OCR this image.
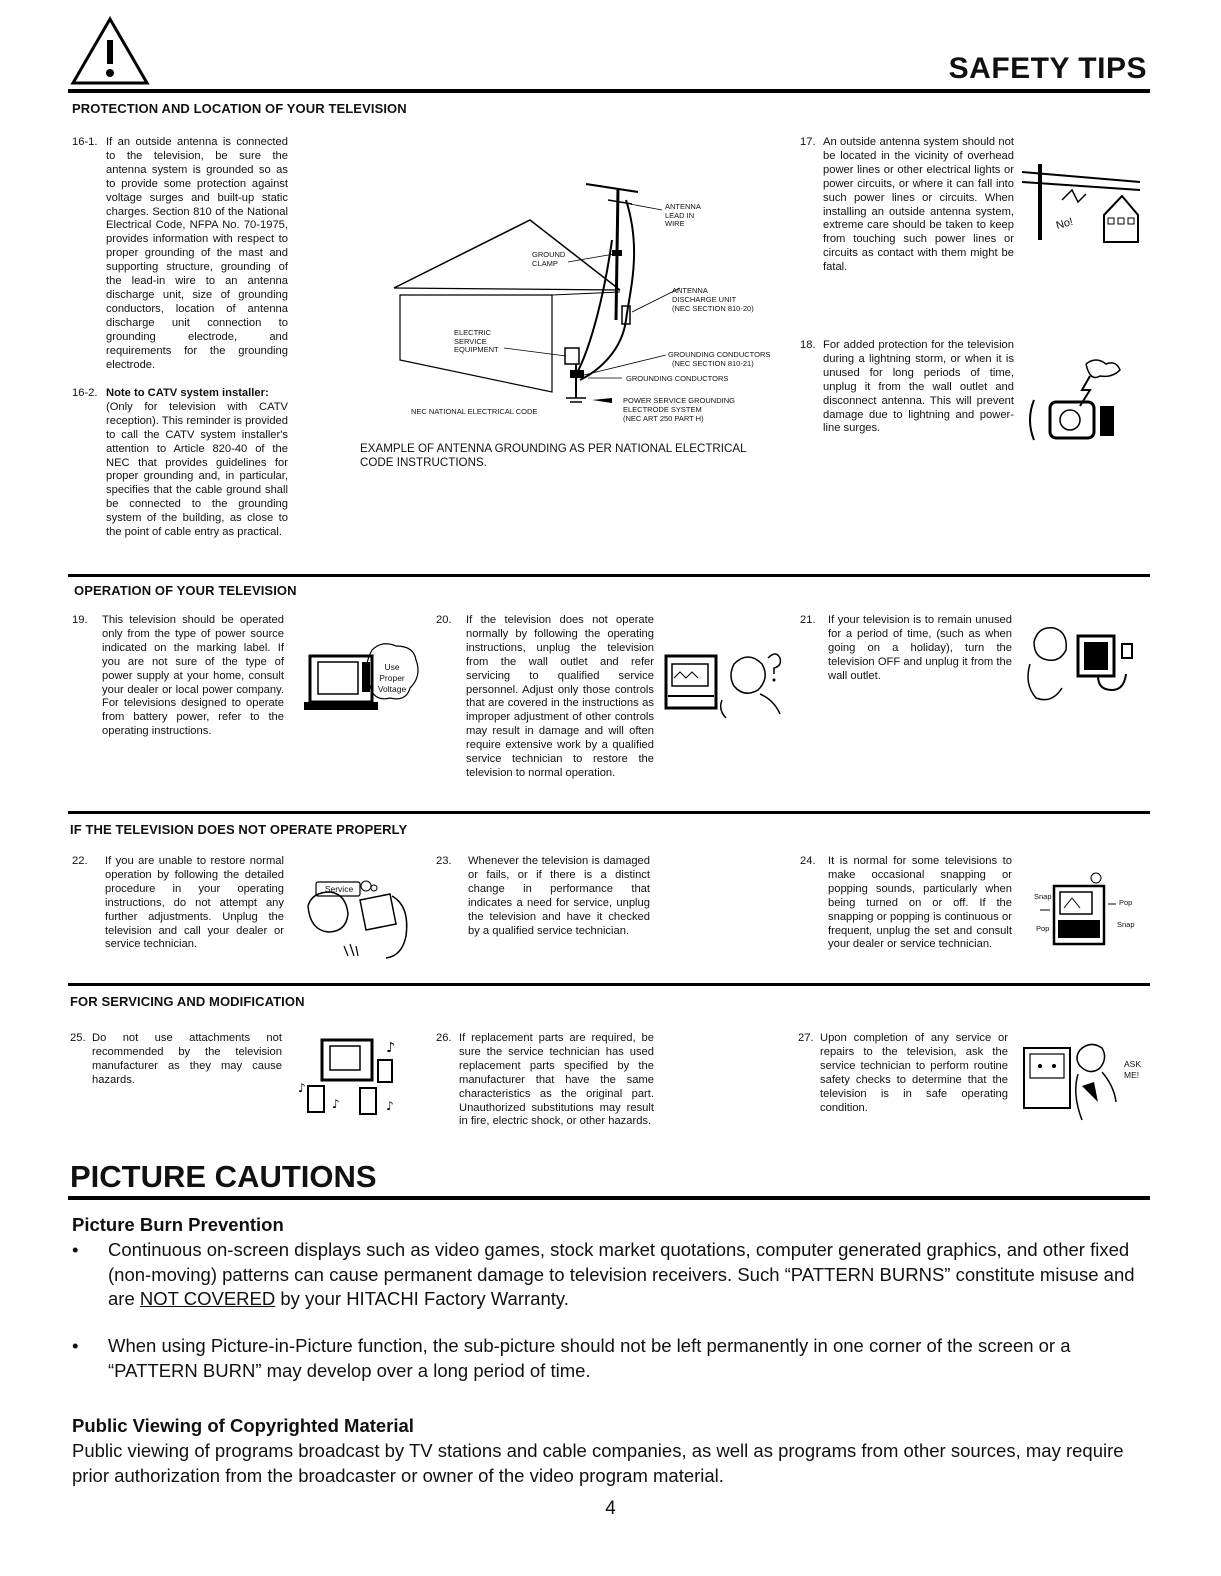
SAFETY TIPS
PROTECTION AND LOCATION OF YOUR TELEVISION
16-1. If an outside antenna is connected to the television, be sure the antenna system is grounded so as to provide some protection against voltage surges and built-up static charges. Section 810 of the National Electrical Code, NFPA No. 70-1975, provides information with respect to proper grounding of the mast and supporting structure, grounding of the lead-in wire to an antenna discharge unit, size of grounding conductors, location of antenna discharge unit connection to grounding electrode, and requirements for the grounding electrode.
16-2. Note to CATV system installer:
(Only for television with CATV reception). This reminder is provided to call the CATV system installer's attention to Article 820-40 of the NEC that provides guidelines for proper grounding and, in particular, specifies that the cable ground shall be connected to the grounding system of the building, as close to the point of cable entry as practical.
ANTENNA LEAD IN WIRE
GROUND CLAMP
ANTENNA DISCHARGE UNIT
(NEC SECTION 810-20)
ELECTRIC SERVICE EQUIPMENT
GROUNDING CONDUCTORS
(NEC SECTION 810-21)
GROUNDING CONDUCTORS
POWER SERVICE GROUNDING ELECTRODE SYSTEM
(NEC ART 250 PART H)
NEC NATIONAL ELECTRICAL CODE
EXAMPLE OF ANTENNA GROUNDING AS PER NATIONAL ELECTRICAL CODE INSTRUCTIONS.
17. An outside antenna system should not be located in the vicinity of overhead power lines or other electrical lights or power circuits, or where it can fall into such power lines or circuits. When installing an outside antenna system, extreme care should be taken to keep from touching such power lines or circuits as contact with them might be fatal.
No!
18. For added protection for the television during a lightning storm, or when it is unused for long periods of time, unplug it from the wall outlet and disconnect antenna. This will prevent damage due to lightning and power-line surges.
OPERATION OF YOUR TELEVISION
19. This television should be operated only from the type of power source indicated on the marking label. If you are not sure of the type of power supply at your home, consult your dealer or local power company. For televisions designed to operate from battery power, refer to the operating instructions.
Use Proper Voltage
20. If the television does not operate normally by following the operating instructions, unplug the television from the wall outlet and refer servicing to qualified service personnel. Adjust only those controls that are covered in the instructions as improper adjustment of other controls may result in damage and will often require extensive work by a qualified service technician to restore the television to normal operation.
21. If your television is to remain unused for a period of time, (such as when going on a holiday), turn the television OFF and unplug it from the wall outlet.
IF THE TELEVISION DOES NOT OPERATE PROPERLY
22. If you are unable to restore normal operation by following the detailed procedure in your operating instructions, do not attempt any further adjustments. Unplug the television and call your dealer or service technician.
Service
23. Whenever the television is damaged or fails, or if there is a distinct change in performance that indicates a need for service, unplug the television and have it checked by a qualified service technician.
24. It is normal for some televisions to make occasional snapping or popping sounds, particularly when being turned on or off. If the snapping or popping is continuous or frequent, unplug the set and consult your dealer or service technician.
Snap
Pop
Pop	Snap
FOR SERVICING AND MODIFICATION
25. Do not use attachments not recommended by the television manufacturer as they may cause hazards.
♪
♪
♪	♪
26. If replacement parts are required, be sure the service technician has used replacement parts specified by the manufacturer that have the same characteristics as the original part. Unauthorized substitutions may result in fire, electric shock, or other hazards.
27. Upon completion of any service or repairs to the television, ask the service technician to perform routine safety checks to determine that the television is in safe operating condition.
ASK ME!
PICTURE CAUTIONS
Picture Burn Prevention
• Continuous on-screen displays such as video games, stock market quotations, computer generated graphics, and other fixed (non-moving) patterns can cause permanent damage to television receivers. Such “PATTERN BURNS” constitute misuse and are NOT COVERED by your HITACHI Factory Warranty.
• When using Picture-in-Picture function, the sub-picture should not be left permanently in one corner of the screen or a “PATTERN BURN” may develop over a long period of time.
Public Viewing of Copyrighted Material
Public viewing of programs broadcast by TV stations and cable companies, as well as programs from other sources, may require prior authorization from the broadcaster or owner of the video program material.
4
